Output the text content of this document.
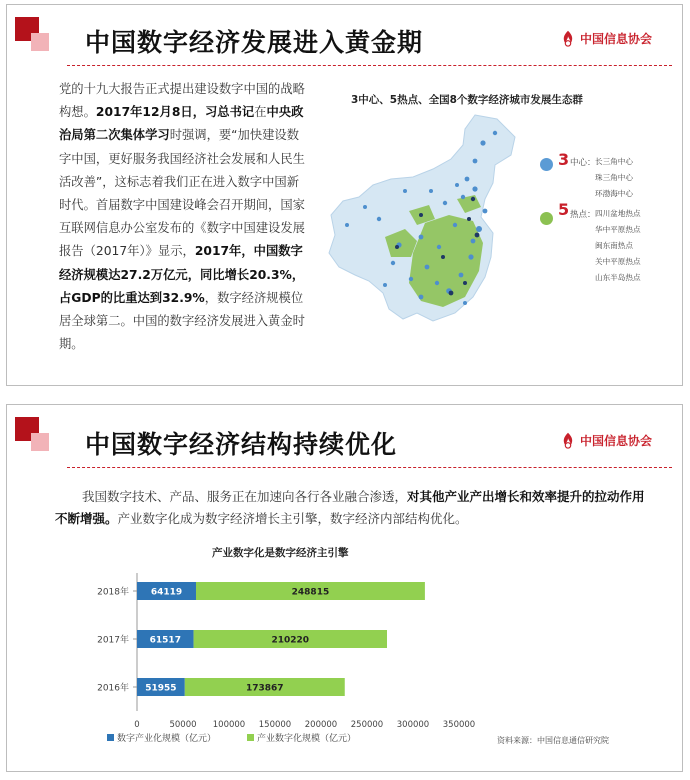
中国数字经济发展进入黄金期	中国信息协会
党的十九大报告正式提出建设数字中国的战略构想。2017年12月8日，习总书记在中央政治局第二次集体学习时强调，要“加快建设数字中国，更好服务我国经济社会发展和人民生活改善”，这标志着我们正在进入数字中国新时代。首届数字中国建设峰会召开期间，国家互联网信息办公室发布的《数字中国建设发展报告（2017年）》显示，2017年，中国数字经济规模达27.2万亿元，同比增长20.3%，占GDP的比重达到32.9%，数字经济规模位居全球第二。中国的数字经济发展进入黄金时期。
3中心、5热点、全国8个数字经济城市发展生态群
3 中心： 长三角中心
珠三角中心
环渤海中心
5 热点： 四川盆地热点
华中平原热点
闽东南热点
关中平原热点
山东半岛热点
中国数字经济结构持续优化	中国信息协会
我国数字技术、产品、服务正在加速向各行各业融合渗透，对其他产业产出增长和效率提升的拉动作用不断增强。产业数字化成为数字经济增长主引擎，数字经济内部结构优化。
产业数字化是数字经济主引擎
2018年 64119	248815
2017年 61517	210220
2016年 51955	173867
0	50000 100000 150000 200000 250000 300000 350000
数字产业化规模（亿元）	产业数字化规模（亿元）	资料来源：中国信息通信研究院
